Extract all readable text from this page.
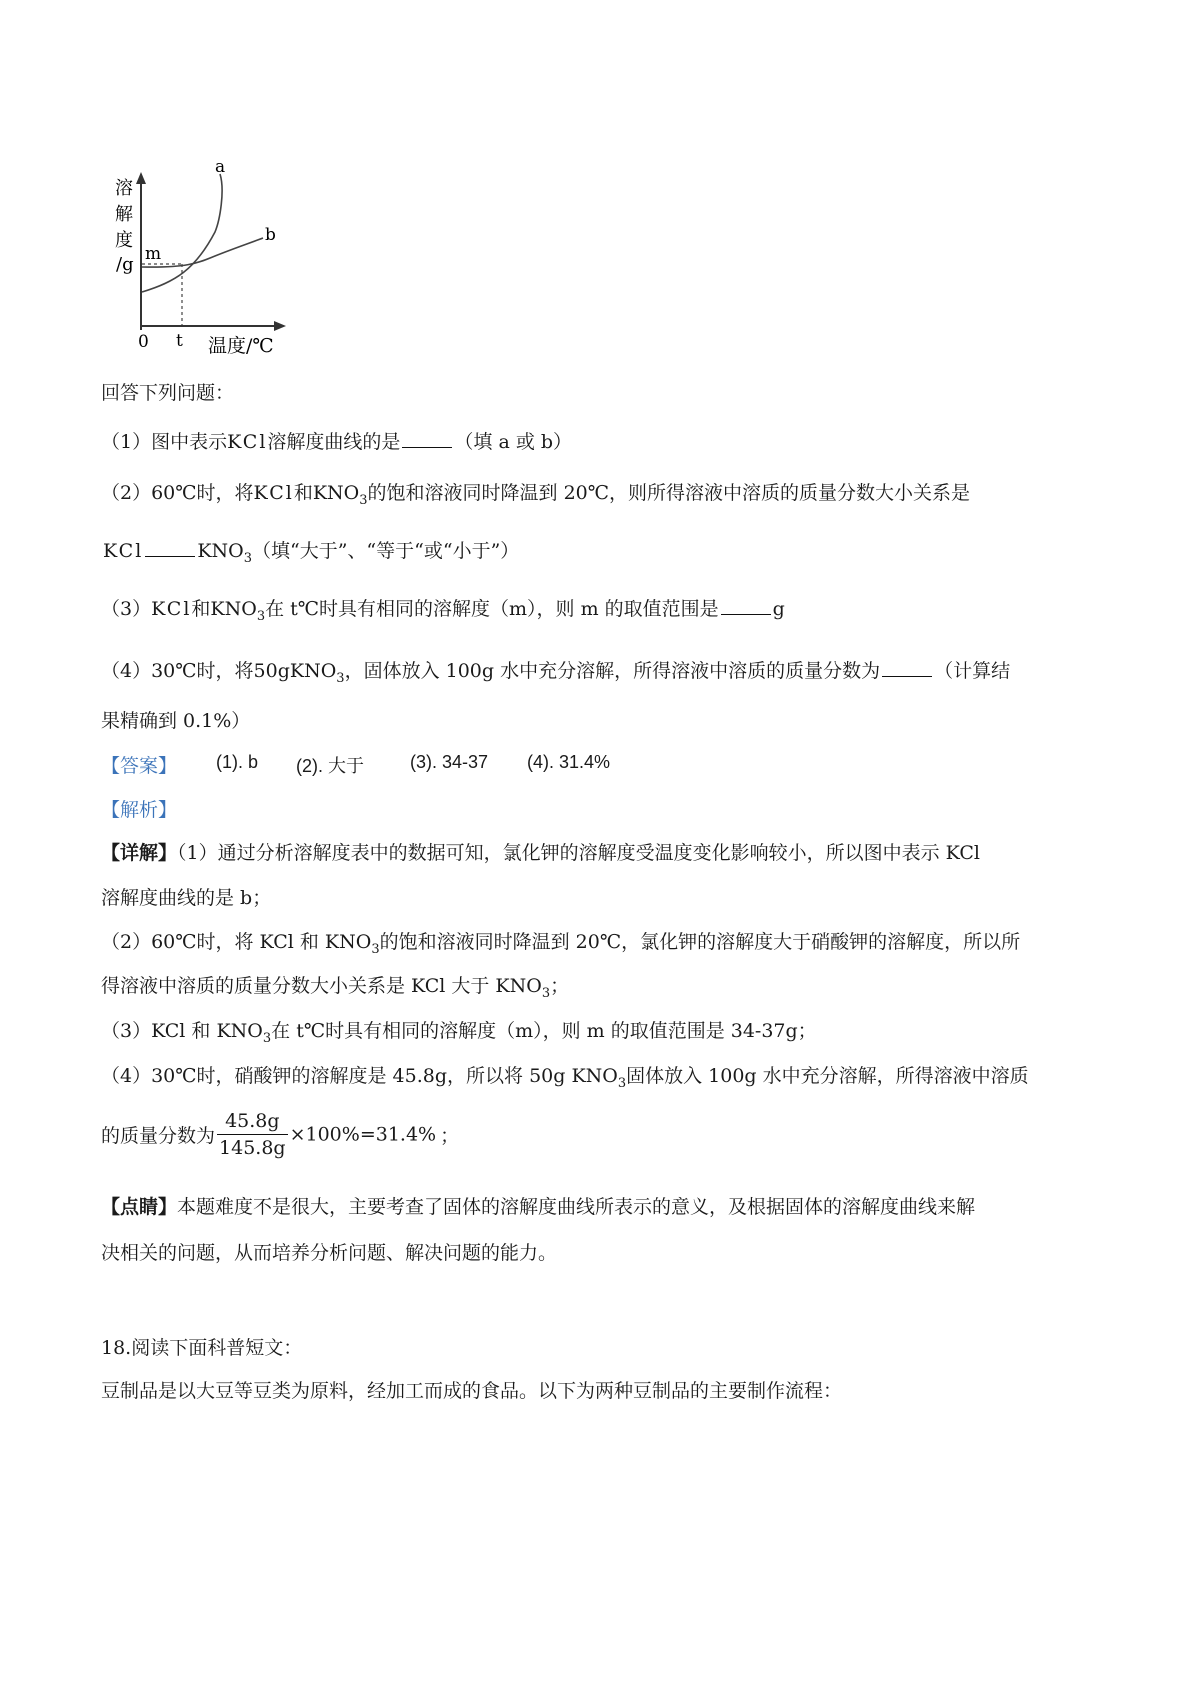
溶
解
度
/g m
a
b
0 t 温度/℃
回答下列问题：
（1）图中表示KCl溶解度曲线的是	（填 a 或 b）
（2）60℃时，将KCl和$KNO_3$的饱和溶液同时降温到 20℃，则所得溶液中溶质的质量分数大小关系是
KCl	$KNO_3$（填“大于”、“等于“或“小于”）
（3）KCl和$KNO_3$在 t℃时具有相同的溶解度（m），则 m 的取值范围是	g
（4）30℃时，将50gKNO$_3$，固体放入 100g 水中充分溶解，所得溶液中溶质的质量分数为	（计算结
果精确到 0.1%）
【答案】 (1). b (2). 大于	(3). 34-37 (4). 31.4%
【解析】
【详解】（1）通过分析溶解度表中的数据可知，氯化钾的溶解度受温度变化影响较小，所以图中表示 KCl
溶解度曲线的是 b；
（2）60℃时，将 KCl 和 $KNO_3$的饱和溶液同时降温到 20℃，氯化钾的溶解度大于硝酸钾的溶解度，所以所
得溶液中溶质的质量分数大小关系是 KCl 大于 $KNO_3$；
（3）KCl 和 $KNO_3$在 t℃时具有相同的溶解度（m），则 m 的取值范围是 34-37g；
（4）30℃时，硝酸钾的溶解度是 45.8g，所以将 50g $KNO_3$固体放入 100g 水中充分溶解，所得溶液中溶质
的质量分数为 $\frac{45.8g}{145.8g} \times 100\%=31.4\%$ ；
【点睛】本题难度不是很大，主要考查了固体的溶解度曲线所表示的意义，及根据固体的溶解度曲线来解
决相关的问题，从而培养分析问题、解决问题的能力。
18.阅读下面科普短文：
豆制品是以大豆等豆类为原料，经加工而成的食品。以下为两种豆制品的主要制作流程：
